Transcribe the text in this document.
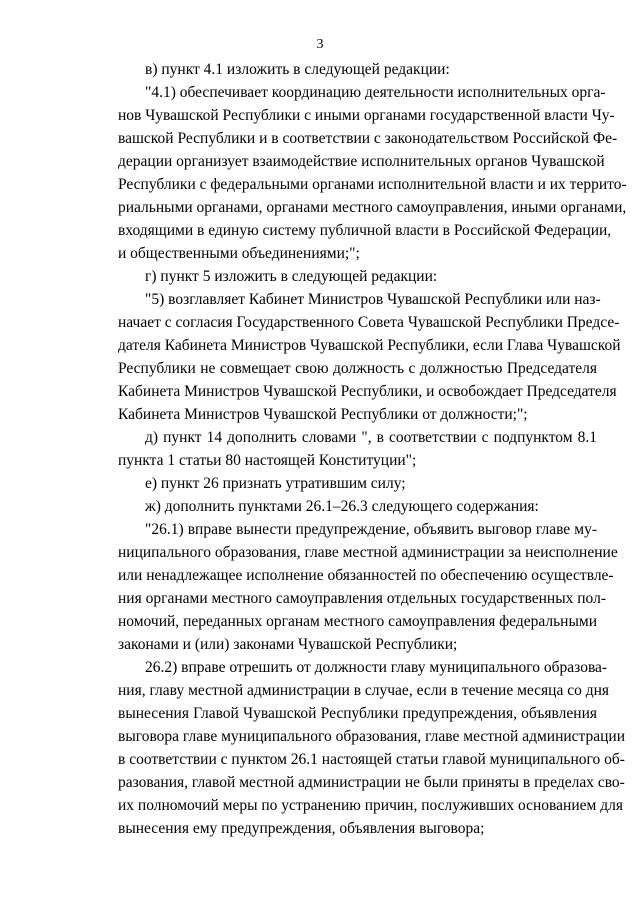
3

в) пункт 4.1 изложить в следующей редакции:

"4.1) обеспечивает координацию деятельности исполнительных орга-
нов Чувашской Республики с иными органами государственной власти Чу-
вашской Республики и в соответствии с законодательством Российской Фе-
дерации организует взаимодействие исполнительных органов Чувашской
Республики с федеральными органами исполнительной власти и их террито-
риальными органами, органами местного самоуправления, иными органами,
входящими в единую систему публичной власти в Российской Федерации,
и общественными объединениями;";

г) пункт 5 изложить в следующей редакции:

"5) возглавляет Кабинет Министров Чувашской Республики или наз-
начает с согласия Государственного Совета Чувашской Республики Предсе-
дателя Кабинета Министров Чувашской Республики, если Глава Чувашской
Республики не совмещает свою должность с должностью Председателя
Кабинета Министров Чувашской Республики, и освобождает Председателя
Кабинета Министров Чувашской Республики от должности;";

д) пункт 14 дополнить словами ", в соответствии с подпунктом 8.1
пункта 1 статьи 80 настоящей Конституции";

е) пункт 26 признать утратившим силу;

ж) дополнить пунктами 26.1–26.3 следующего содержания:

"26.1) вправе вынести предупреждение, объявить выговор главе му-
ниципального образования, главе местной администрации за неисполнение
или ненадлежащее исполнение обязанностей по обеспечению осуществле-
ния органами местного самоуправления отдельных государственных пол-
номочий, переданных органам местного самоуправления федеральными
законами и (или) законами Чувашской Республики;

26.2) вправе отрешить от должности главу муниципального образова-
ния, главу местной администрации в случае, если в течение месяца со дня
вынесения Главой Чувашской Республики предупреждения, объявления
выговора главе муниципального образования, главе местной администрации
в соответствии с пунктом 26.1 настоящей статьи главой муниципального об-
разования, главой местной администрации не были приняты в пределах сво-
их полномочий меры по устранению причин, послуживших основанием для
вынесения ему предупреждения, объявления выговора;
